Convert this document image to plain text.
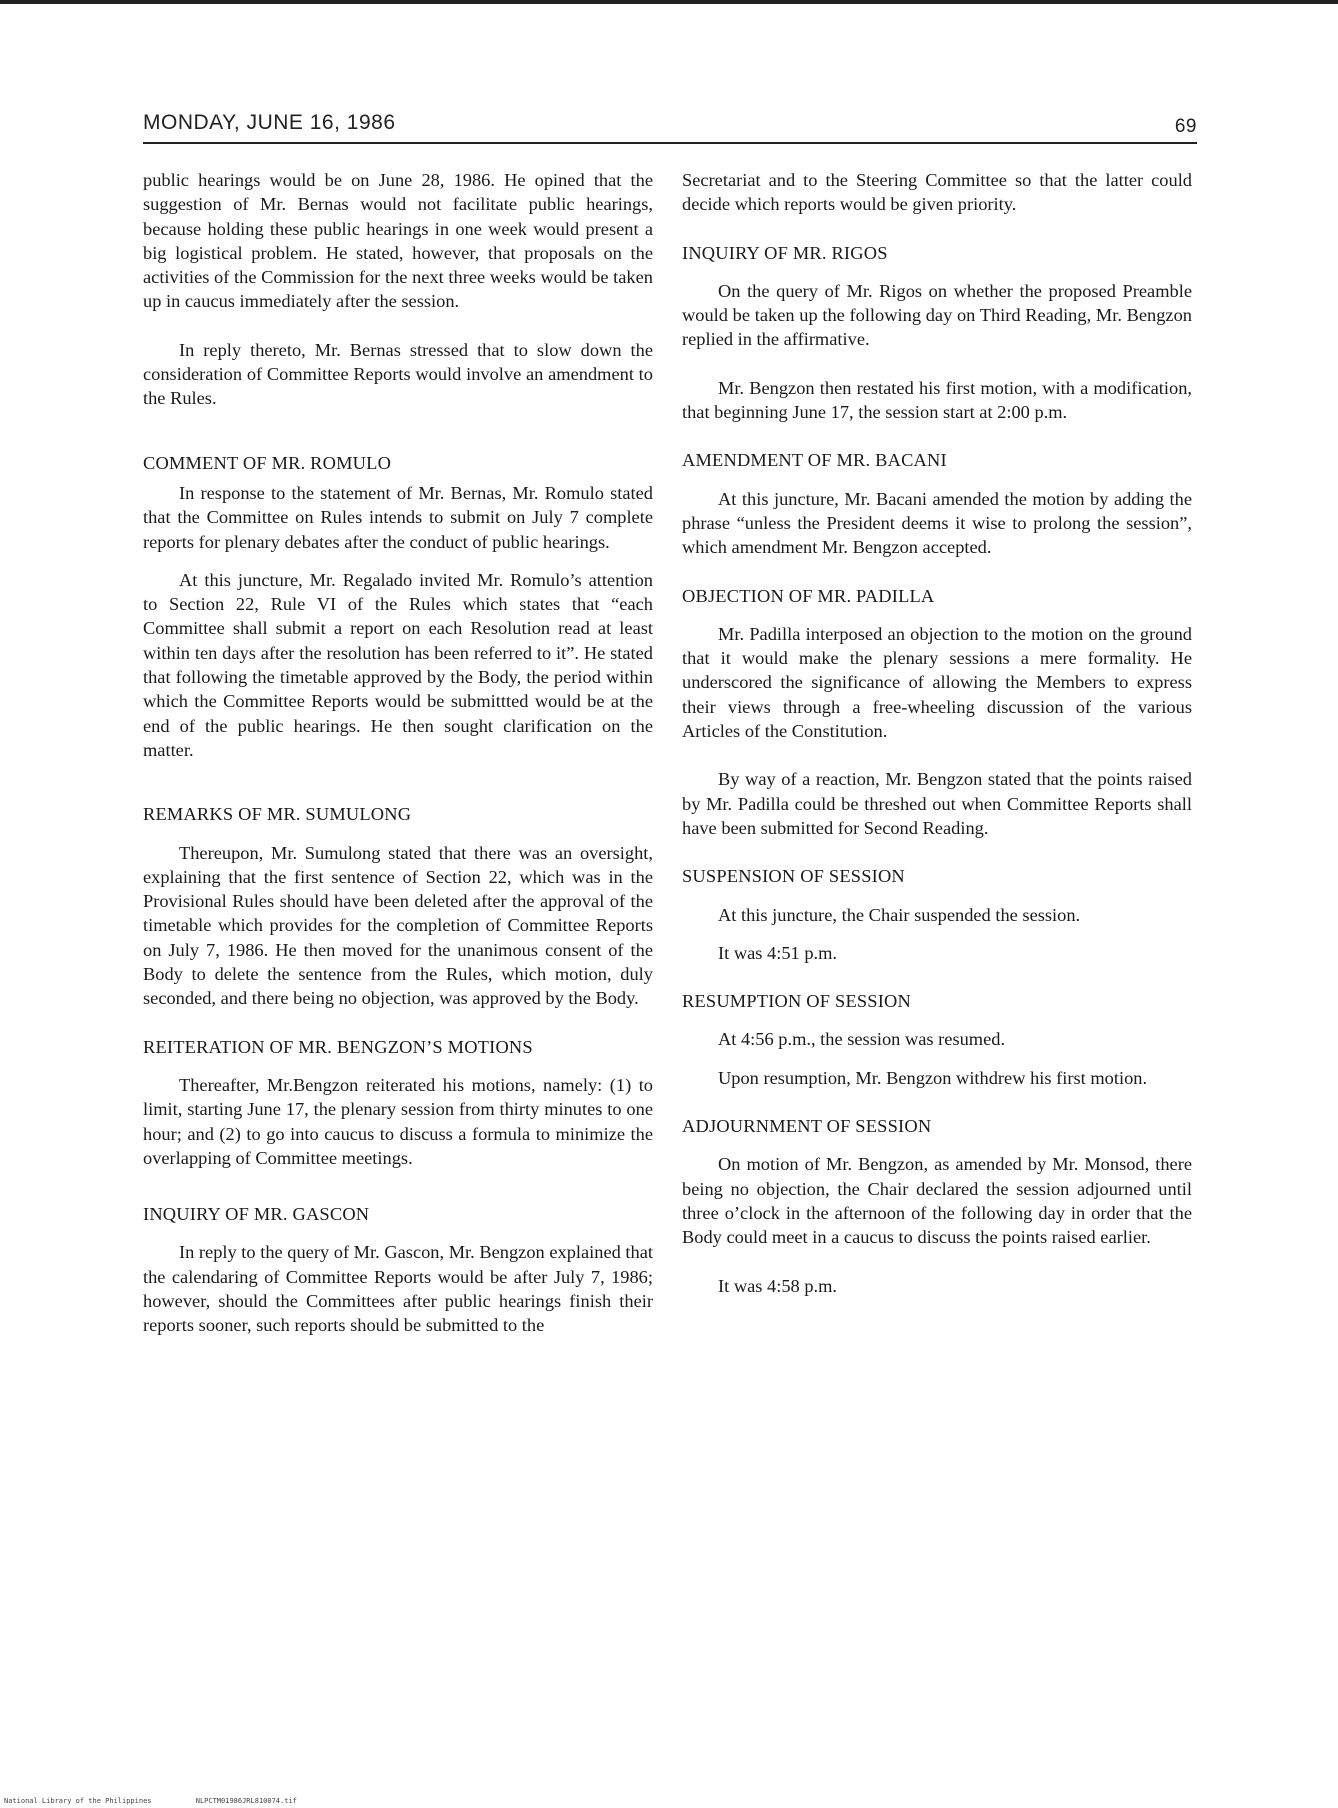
MONDAY, JUNE 16, 1986	69

public hearings would be on June 28, 1986. He opined that the suggestion of Mr. Bernas would not facilitate public hearings, because holding these public hearings in one week would present a big logistical problem. He stated, however, that proposals on the activities of the Commission for the next three weeks would be taken up in caucus immediately after the session.

In reply thereto, Mr. Bernas stressed that to slow down the consideration of Committee Reports would involve an amendment to the Rules.

COMMENT OF MR. ROMULO

In response to the statement of Mr. Bernas, Mr. Romulo stated that the Committee on Rules intends to submit on July 7 complete reports for plenary debates after the conduct of public hearings.

At this juncture, Mr. Regalado invited Mr. Romulo’s attention to Section 22, Rule VI of the Rules which states that “each Committee shall submit a report on each Resolution read at least within ten days after the resolution has been referred to it”. He stated that following the timetable approved by the Body, the period within which the Committee Reports would be submittted would be at the end of the public hearings. He then sought clarification on the matter.

REMARKS OF MR. SUMULONG

Thereupon, Mr. Sumulong stated that there was an oversight, explaining that the first sentence of Section 22, which was in the Provisional Rules should have been deleted after the approval of the timetable which provides for the completion of Committee Reports on July 7, 1986. He then moved for the unanimous consent of the Body to delete the sentence from the Rules, which motion, duly seconded, and there being no objection, was approved by the Body.

REITERATION OF MR. BENGZON’S MOTIONS

Thereafter, Mr.Bengzon reiterated his motions, namely: (1) to limit, starting June 17, the plenary session from thirty minutes to one hour; and (2) to go into caucus to discuss a formula to minimize the overlapping of Committee meetings.

INQUIRY OF MR. GASCON

In reply to the query of Mr. Gascon, Mr. Bengzon explained that the calendaring of Committee Reports would be after July 7, 1986; however, should the Committees after public hearings finish their reports sooner, such reports should be submitted to the

Secretariat and to the Steering Committee so that the latter could decide which reports would be given priority.

INQUIRY OF MR. RIGOS

On the query of Mr. Rigos on whether the proposed Preamble would be taken up the following day on Third Reading, Mr. Bengzon replied in the affirmative.

Mr. Bengzon then restated his first motion, with a modification, that beginning June 17, the session start at 2:00 p.m.

AMENDMENT OF MR. BACANI

At this juncture, Mr. Bacani amended the motion by adding the phrase “unless the President deems it wise to prolong the session”, which amendment Mr. Bengzon accepted.

OBJECTION OF MR. PADILLA

Mr. Padilla interposed an objection to the motion on the ground that it would make the plenary sessions a mere formality. He underscored the significance of allowing the Members to express their views through a free-wheeling discussion of the various Articles of the Constitution.

By way of a reaction, Mr. Bengzon stated that the points raised by Mr. Padilla could be threshed out when Committee Reports shall have been submitted for Second Reading.

SUSPENSION OF SESSION

At this juncture, the Chair suspended the session.

It was 4:51 p.m.

RESUMPTION OF SESSION

At 4:56 p.m., the session was resumed.

Upon resumption, Mr. Bengzon withdrew his first motion.

ADJOURNMENT OF SESSION

On motion of Mr. Bengzon, as amended by Mr. Monsod, there being no objection, the Chair declared the session adjourned until three o’clock in the afternoon of the following day in order that the Body could meet in a caucus to discuss the points raised earlier.

It was 4:58 p.m.

National Library of the Philippines	NLPCTM01986JRL810074.tif
